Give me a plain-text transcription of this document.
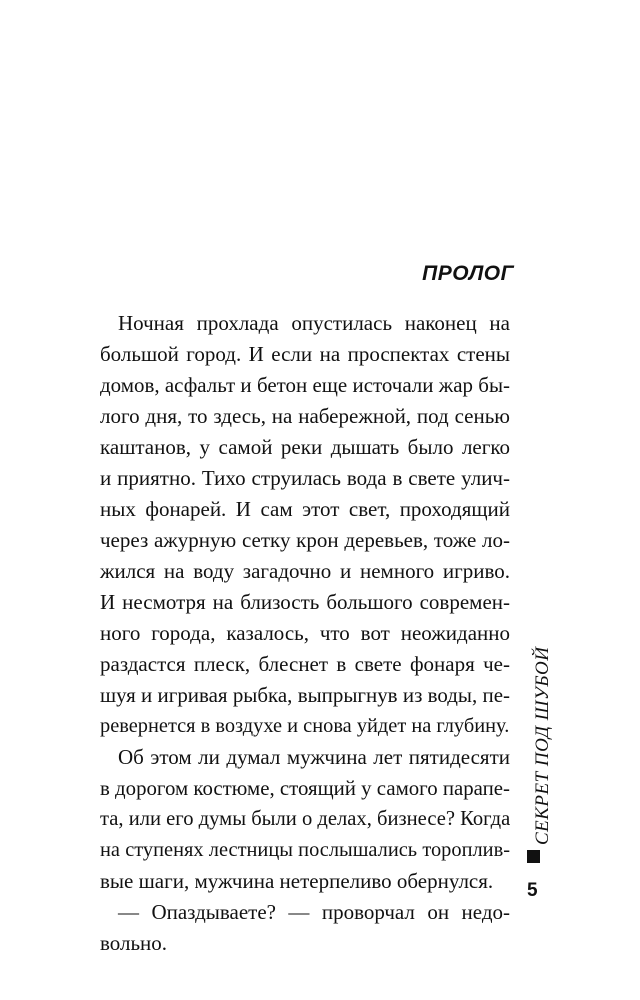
ПРОЛОГ
Ночная прохлада опустилась наконец на
большой город. И если на проспектах стены
домов, асфальт и бетон еще источали жар бы-
лого дня, то здесь, на набережной, под сенью
каштанов, у самой реки дышать было легко
и приятно. Тихо струилась вода в свете улич-
ных фонарей. И сам этот свет, проходящий
через ажурную сетку крон деревьев, тоже ло-
жился на воду загадочно и немного игриво.
И несмотря на близость большого современ-
ного города, казалось, что вот неожиданно
раздастся плеск, блеснет в свете фонаря че-
шуя и игривая рыбка, выпрыгнув из воды, пе-
ревернется в воздухе и снова уйдет на глубину.
Об этом ли думал мужчина лет пятидесяти
в дорогом костюме, стоящий у самого парапе-
та, или его думы были о делах, бизнесе? Когда
на ступенях лестницы послышались тороплив-
вые шаги, мужчина нетерпеливо обернулся.
— Опаздываете? — проворчал он недо-
вольно.
СЕКРЕТ ПОД ШУБОЙ
5
